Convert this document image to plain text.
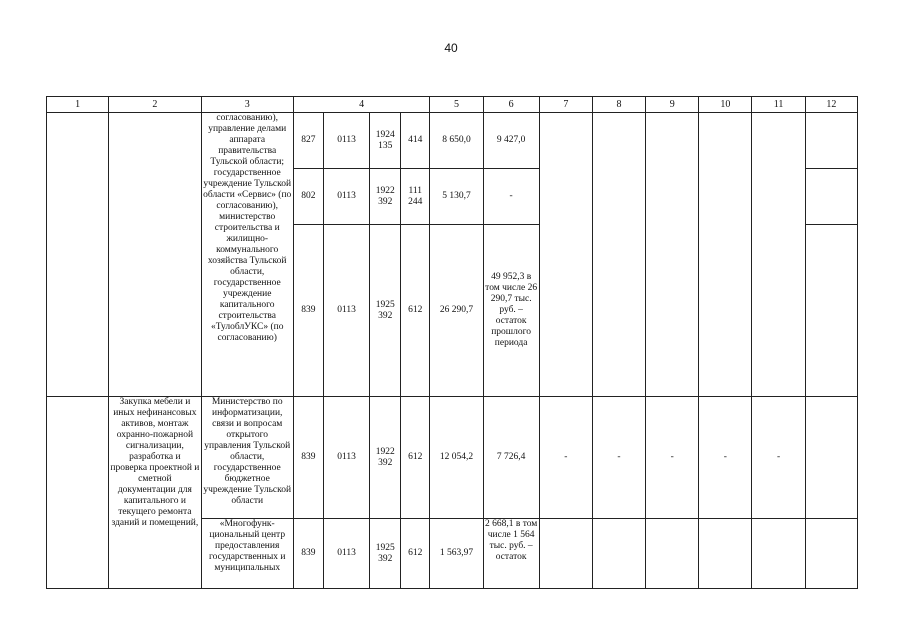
40
1	2	3	4				5	6	7	8	9	10	11	12
		согласованию), управление делами аппарата правительства Тульской области; государственное учреждение Тульской области «Сервис» (по согласованию), министерство строительства и жилищно-коммунального хозяйства Тульской области, государственное учреждение капитального строительства «ТулоблУКС» (по согласованию)	827	0113	1924 135	414	8 650,0	9 427,0						
			802	0113	1922 392	111 244	5 130,7	-						
			839	0113	1925 392	612	26 290,7	49 952,3 в том числе 26 290,7 тыс. руб. – остаток прошлого периода						
	Закупка мебели и иных нефинансовых активов, монтаж охранно-пожарной сигнализации, разработка и проверка проектной и сметной документации для капитального и текущего ремонта зданий и помещений,	Министерство по информатизации, связи и вопросам открытого управления Тульской области, государственное бюджетное учреждение Тульской области	839	0113	1922 392	612	12 054,2	7 726,4	-	-	-	-	-	
		«Многофунк-циональный центр предоставления государственных и муниципальных	839	0113	1925 392	612	1 563,97	2 668,1 в том числе 1 564 тыс. руб. – остаток						
